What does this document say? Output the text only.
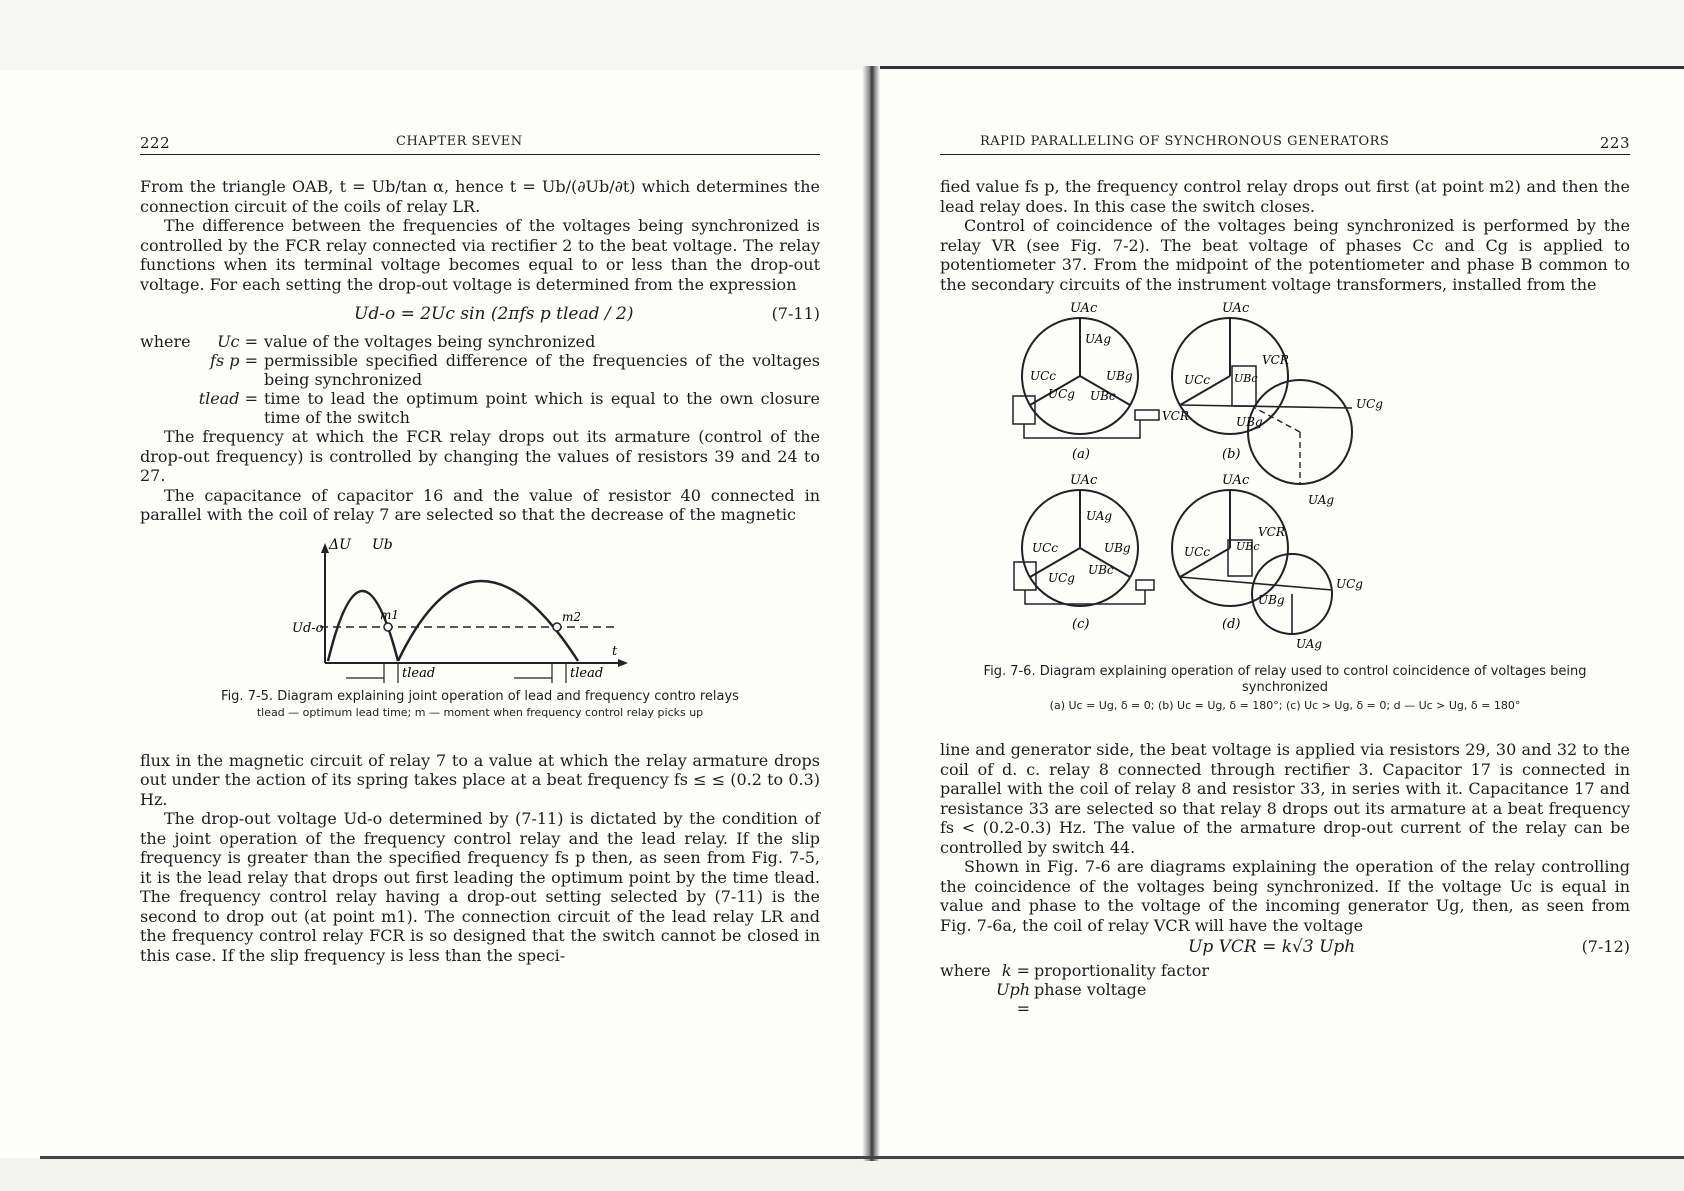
222	CHAPTER SEVEN

From the triangle OAB, t = Ub/tan α, hence t = Ub/(∂Ub/∂t) which determines the connection circuit of the coils of relay LR.

The difference between the frequencies of the voltages being synchronized is controlled by the FCR relay connected via rectifier 2 to the beat voltage. The relay functions when its terminal voltage becomes equal to or less than the drop-out voltage. For each setting the drop-out voltage is determined from the expression

Ud-o = 2Uc sin (2πfs p tlead / 2)	(7-11)
where	Uc = value of the voltages being synchronized
fs p = permissible specified difference of the frequencies of the voltages being synchronized
tlead = time to lead the optimum point which is equal to the own closure time of the switch

The frequency at which the FCR relay drops out its armature (control of the drop-out frequency) is controlled by changing the values of resistors 39 and 24 to 27.

The capacitance of capacitor 16 and the value of resistor 40 connected in parallel with the coil of relay 7 are selected so that the decrease of the magnetic

ΔU Ub
Ud-o
m1	m2
t
tlead	tlead
Fig. 7-5. Diagram explaining joint operation of lead and frequency contro relays
tlead — optimum lead time; m — moment when frequency control relay picks up

flux in the magnetic circuit of relay 7 to a value at which the relay armature drops out under the action of its spring takes place at a beat frequency fs ≤ ≤ (0.2 to 0.3) Hz.

The drop-out voltage Ud-o determined by (7-11) is dictated by the condition of the joint operation of the frequency control relay and the lead relay. If the slip frequency is greater than the specified frequency fs p then, as seen from Fig. 7-5, it is the lead relay that drops out first leading the optimum point by the time tlead. The frequency control relay having a drop-out setting selected by (7-11) is the second to drop out (at point m1). The connection circuit of the lead relay LR and the frequency control relay FCR is so designed that the switch cannot be closed in this case. If the slip frequency is less than the speci-

RAPID PARALLELING OF SYNCHRONOUS GENERATORS	223

fied value fs p, the frequency control relay drops out first (at point m2) and then the lead relay does. In this case the switch closes.

Control of coincidence of the voltages being synchronized is performed by the relay VR (see Fig. 7-2). The beat voltage of phases Cc and Cg is applied to potentiometer 37. From the midpoint of the potentiometer and phase B common to the secondary circuits of the instrument voltage transformers, installed from the

UAc
UAg
UCc	UBg
UCg UBc
VCR
(a)
UAc
UCc UBc
VCR
UBg
UCg
UAg
(b)
UAc
UAg
UCc	UBg
UBc
UCg
(c)
UAc
UCc UBc
VCR
UBg
UCg
UAg
(d)
Fig. 7-6. Diagram explaining operation of relay used to control coincidence of voltages being synchronized
(a) Uc = Ug, δ = 0; (b) Uc = Ug, δ = 180°; (c) Uc > Ug, δ = 0; d — Uc > Ug, δ = 180°

line and generator side, the beat voltage is applied via resistors 29, 30 and 32 to the coil of d. c. relay 8 connected through rectifier 3. Capacitor 17 is connected in parallel with the coil of relay 8 and resistor 33, in series with it. Capacitance 17 and resistance 33 are selected so that relay 8 drops out its armature at a beat frequency fs < (0.2-0.3) Hz. The value of the armature drop-out current of the relay can be controlled by switch 44.

Shown in Fig. 7-6 are diagrams explaining the operation of the relay controlling the coincidence of the voltages being synchronized. If the voltage Uc is equal in value and phase to the voltage of the incoming generator Ug, then, as seen from Fig. 7-6a, the coil of relay VCR will have the voltage

Up VCR = k√3 Uph	(7-12)
where k = proportionality factor
Uph =
phase voltage
